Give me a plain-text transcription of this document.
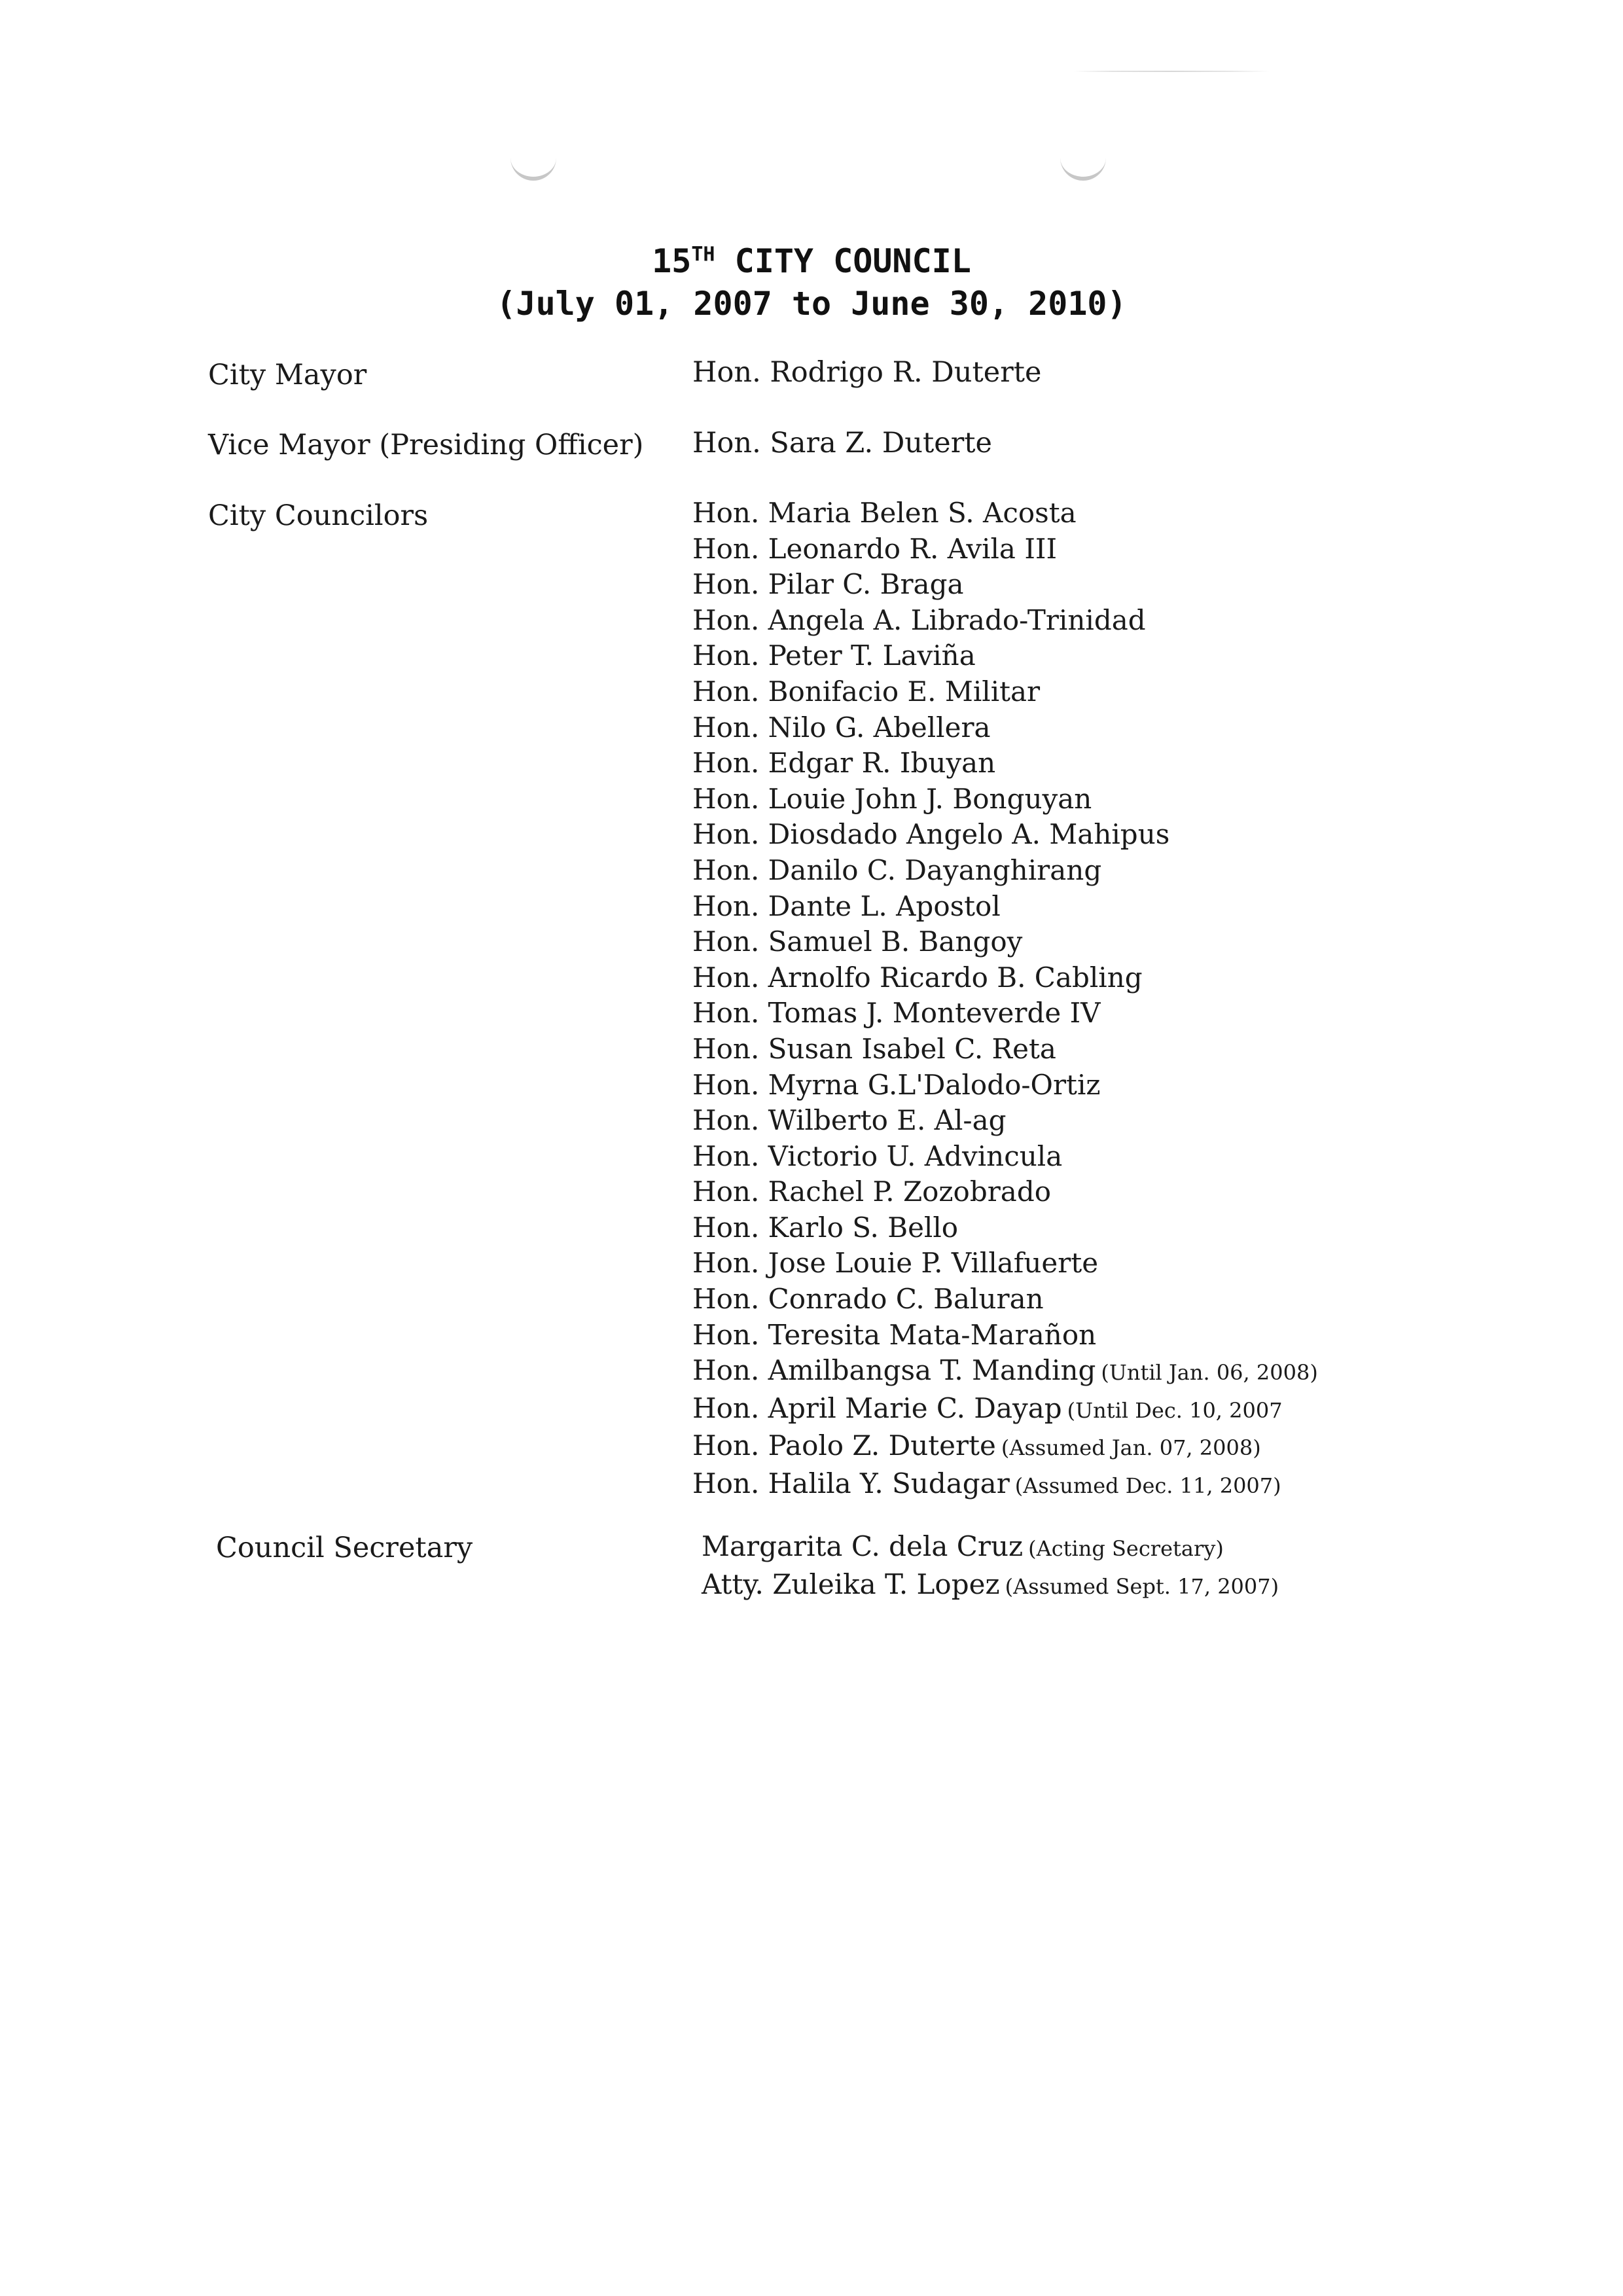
15TH CITY COUNCIL
(July 01, 2007 to June 30, 2010)
City Mayor	Hon. Rodrigo R. Duterte
Vice Mayor (Presiding Officer) Hon. Sara Z. Duterte
City Councilors	Hon. Maria Belen S. Acosta
Hon. Leonardo R. Avila III
Hon. Pilar C. Braga
Hon. Angela A. Librado-Trinidad
Hon. Peter T. Laviña
Hon. Bonifacio E. Militar
Hon. Nilo G. Abellera
Hon. Edgar R. Ibuyan
Hon. Louie John J. Bonguyan
Hon. Diosdado Angelo A. Mahipus
Hon. Danilo C. Dayanghirang
Hon. Dante L. Apostol
Hon. Samuel B. Bangoy
Hon. Arnolfo Ricardo B. Cabling
Hon. Tomas J. Monteverde IV
Hon. Susan Isabel C. Reta
Hon. Myrna G.L'Dalodo-Ortiz
Hon. Wilberto E. Al-ag
Hon. Victorio U. Advincula
Hon. Rachel P. Zozobrado
Hon. Karlo S. Bello
Hon. Jose Louie P. Villafuerte
Hon. Conrado C. Baluran
Hon. Teresita Mata-Marañon
Hon. Amilbangsa T. Manding (Until Jan. 06, 2008)
Hon. April Marie C. Dayap (Until Dec. 10, 2007
Hon. Paolo Z. Duterte (Assumed Jan. 07, 2008)
Hon. Halila Y. Sudagar (Assumed Dec. 11, 2007)
Council Secretary	Margarita C. dela Cruz (Acting Secretary)
Atty. Zuleika T. Lopez (Assumed Sept. 17, 2007)
